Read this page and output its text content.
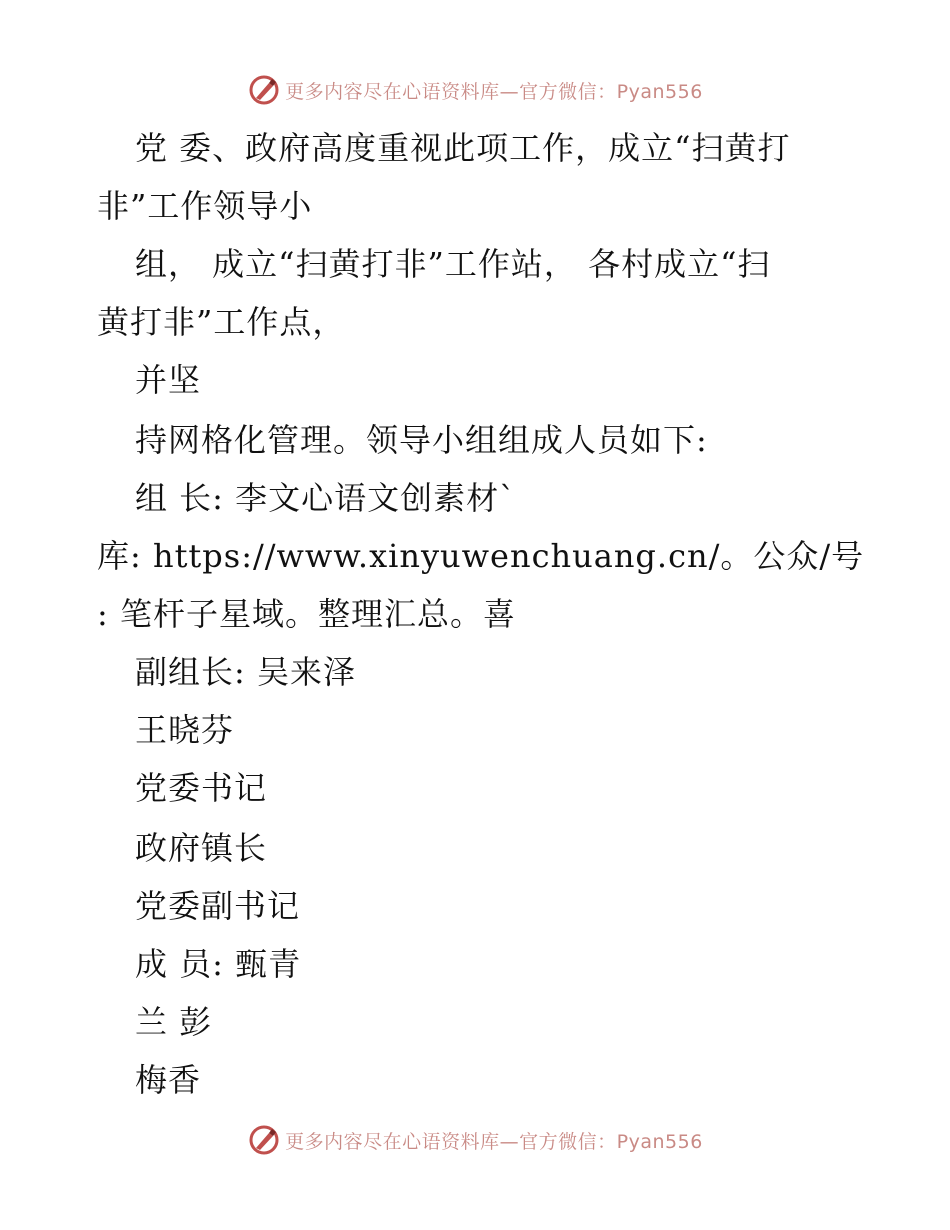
更多内容尽在心语资料库—官方微信：Pyan556
党 委、政府高度重视此项工作，成立“扫黄打
非”工作领导小
组， 成立“扫黄打非”工作站， 各村成立“扫
黄打非”工作点，
并坚
持网格化管理。领导小组组成人员如下:
组 长: 李文心语文创素材`
库: https://www.xinyuwenchuang.cn/。公众/号
: 笔杆子星域。整理汇总。喜
副组长: 吴来泽
王晓芬
党委书记
政府镇长
党委副书记
成 员: 甄青
兰 彭
梅香
更多内容尽在心语资料库—官方微信：Pyan556
